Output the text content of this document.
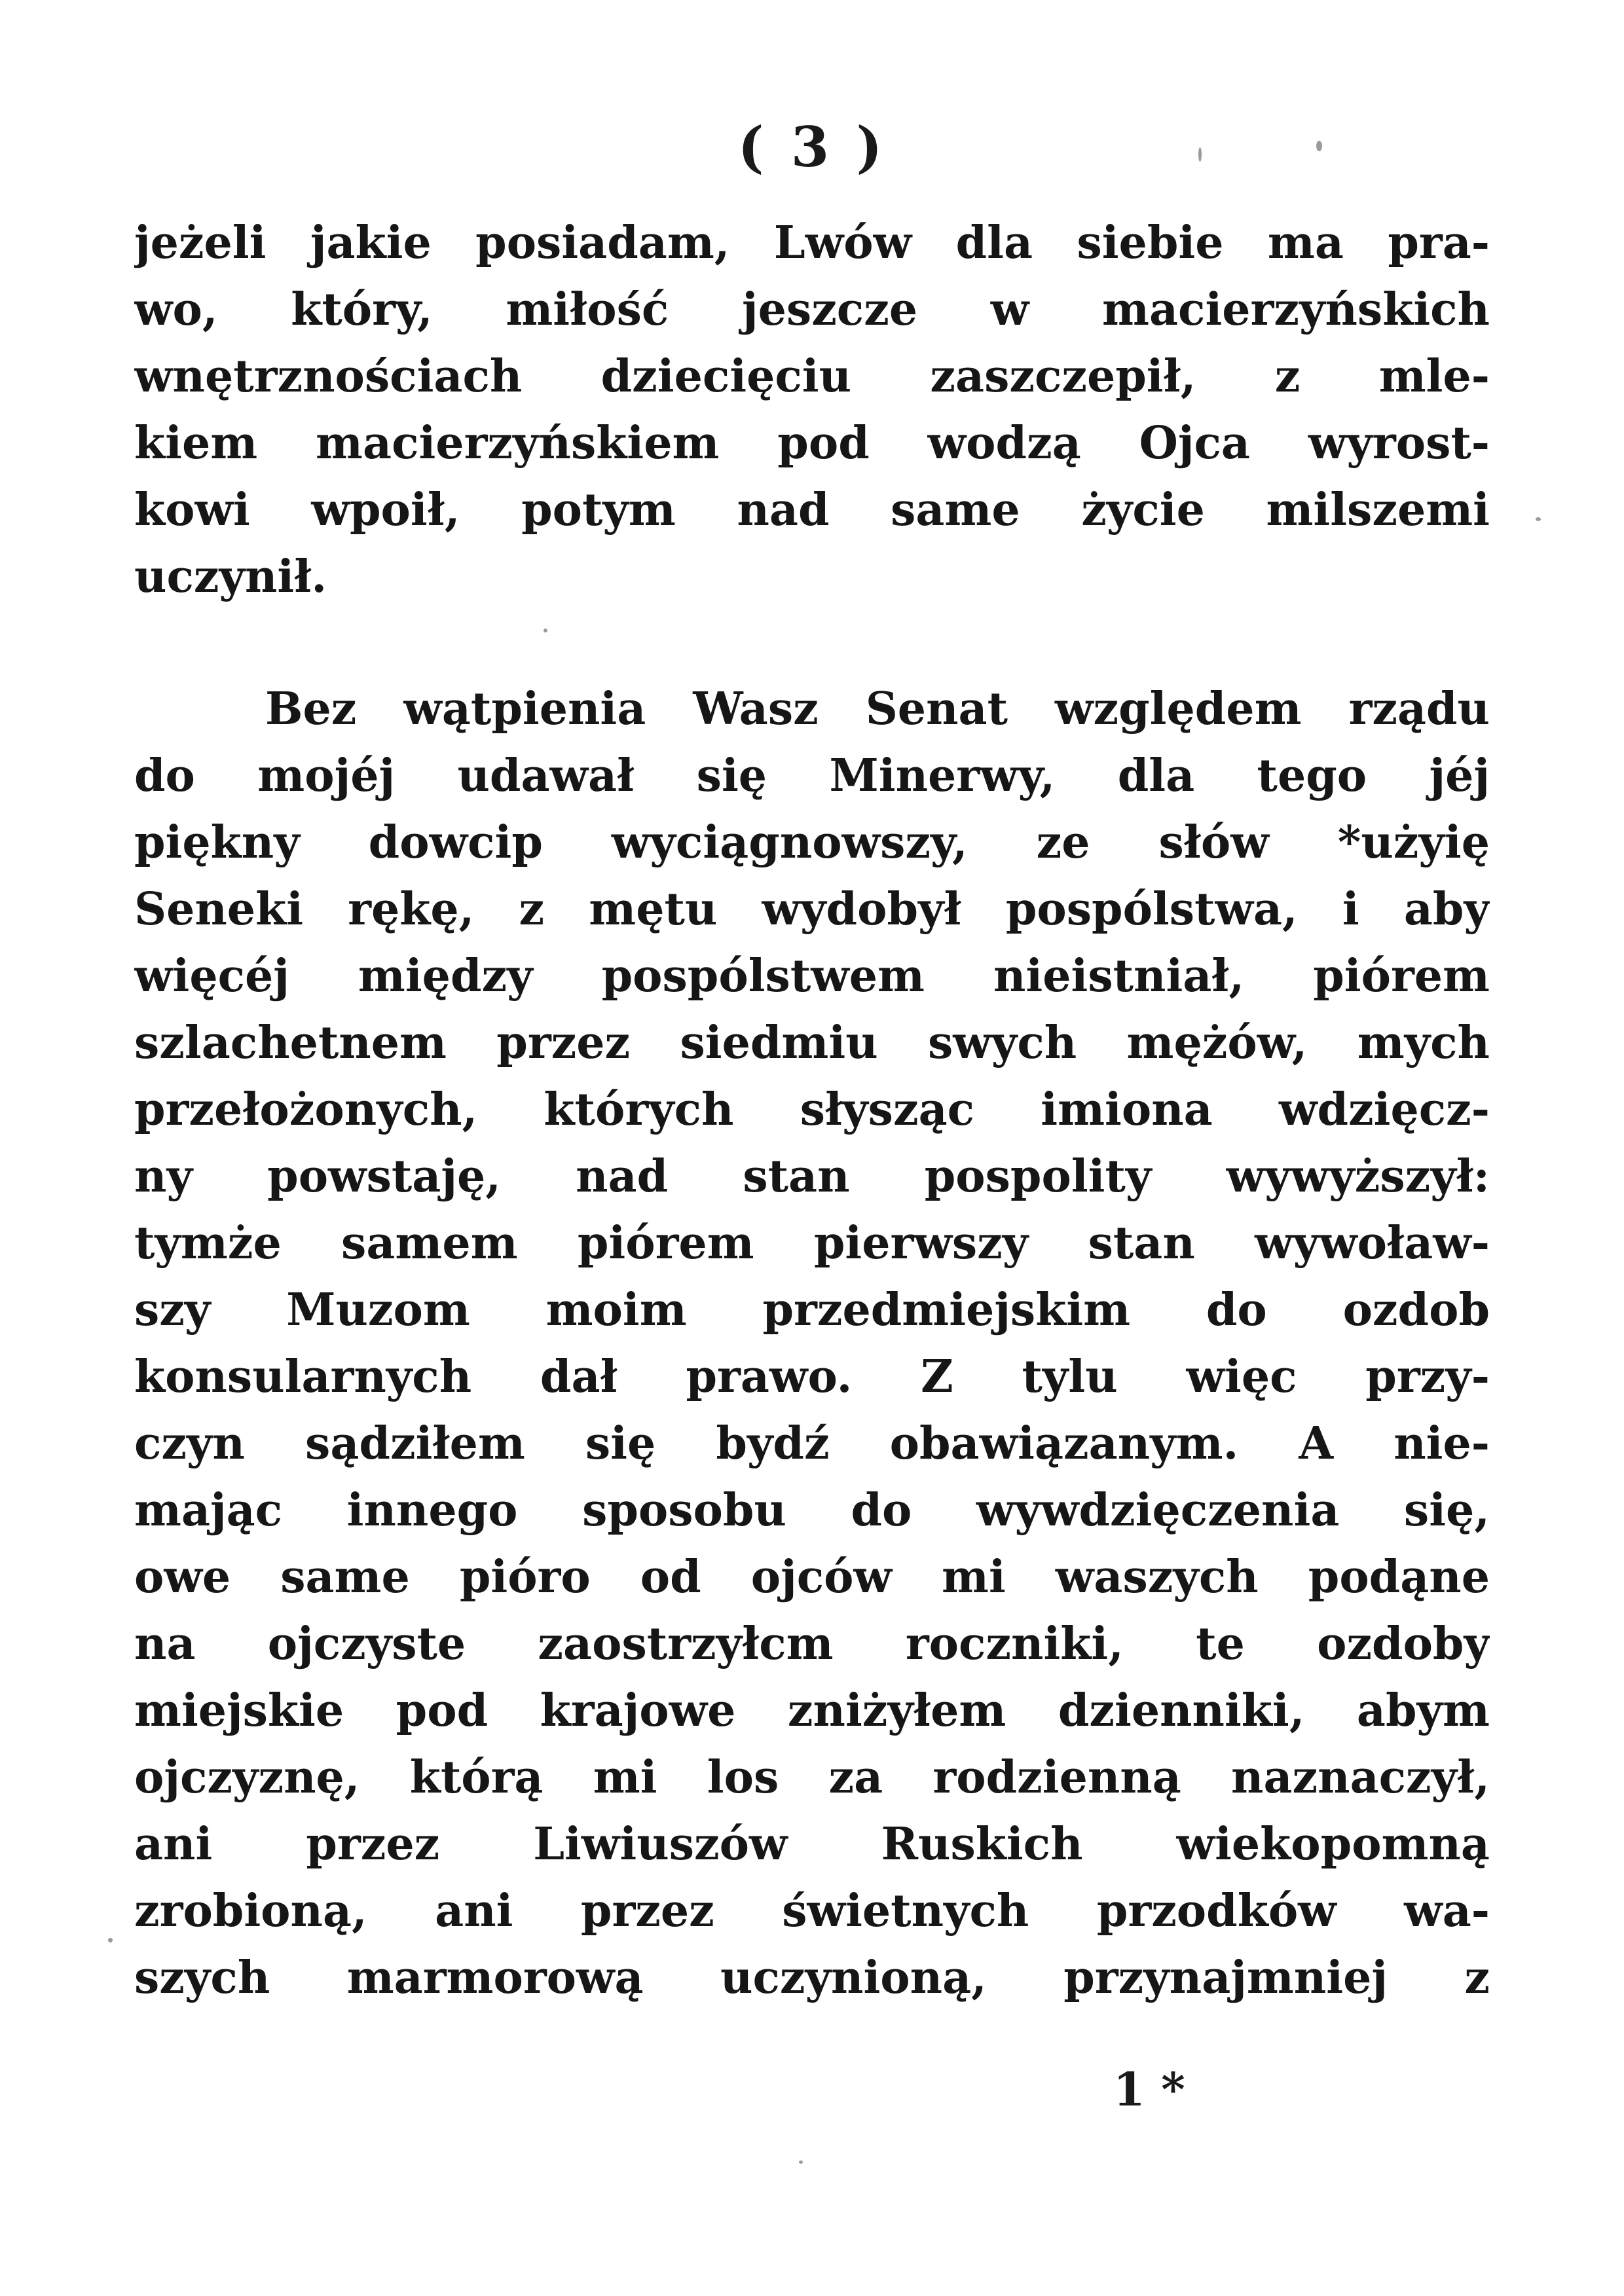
( 3 )
jeżeli jakie posiadam, Lwów dla siebie ma pra-
wo, który, miłość jeszcze w macierzyńskich
wnętrznościach dziecięciu zaszczepił, z mle-
kiem macierzyńskiem pod wodzą Ojca wyrost-
kowi wpoił, potym nad same życie milszemi
uczynił.
Bez wątpienia Wasz Senat względem rządu
do mojéj udawał się Minerwy, dla tego jéj
piękny dowcip wyciągnowszy, ze słów *użyię
Seneki rękę, z mętu wydobył pospólstwa, i aby
więcéj między pospólstwem nieistniał, piórem
szlachetnem przez siedmiu swych mężów, mych
przełożonych, których słysząc imiona wdzięcz-
ny powstaję, nad stan pospolity wywyższył:
tymże samem piórem pierwszy stan wywoław-
szy Muzom moim przedmiejskim do ozdob
konsularnych dał prawo. Z tylu więc przy-
czyn sądziłem się bydź obawiązanym. A nie-
mając innego sposobu do wywdzięczenia się,
owe same pióro od ojców mi waszych podąne
na ojczyste zaostrzyłcm roczniki, te ozdoby
miejskie pod krajowe zniżyłem dzienniki, abym
ojczyznę, którą mi los za rodzienną naznaczył,
ani przez Liwiuszów Ruskich wiekopomną
zrobioną, ani przez świetnych przodków wa-
szych marmorową uczynioną, przynajmniej z
1 *
